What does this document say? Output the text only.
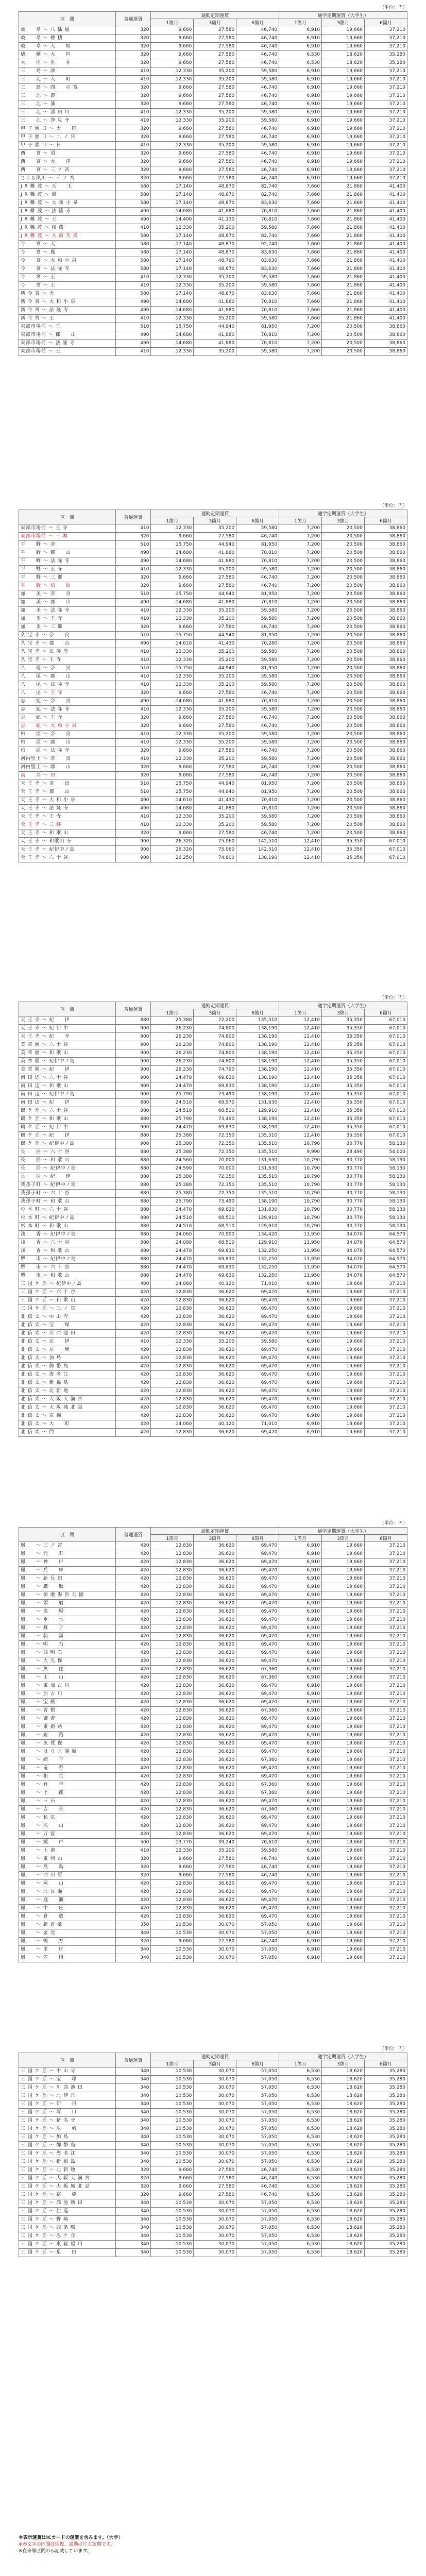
（単位：円）
区　間	普通運賃	通勤定期運賃			通学定期運賃（大学生）		
		1箇月	3箇月	6箇月	1箇月	3箇月	6箇月
岐　　阜 ～ 八 幡 通	320	9,660	27,580	46,740	6,910	19,660	37,210
岐　　阜 ～ 穂 積	320	9,660	27,580	46,740	6,910	19,660	37,210
岐　　阜 ～ 大　　垣	320	9,660	27,580	46,740	6,910	19,660	37,210
穂　　積 ～ 大　　垣	320	9,660	27,580	46,740	6,530	18,620	35,280
大　　垣 ～ 垂　　井	320	9,660	27,580	46,740	6,530	18,620	35,280
三　　島 ～ 津	410	12,330	35,200	59,580	6,910	19,660	37,210
三　　北 ～ 大　　町	410	12,330	35,200	59,580	6,910	19,660	37,210
三　　島 ～ 四　　の 宮	320	9,660	27,580	46,740	6,910	19,660	37,210
三　　北 ～ 濃	320	9,660	27,580	46,740	6,910	19,660	37,210
三　　北 ～ 蒲	320	9,660	27,580	46,740	6,910	19,660	37,210
三　　北 ～ 清 田 川	410	12,330	35,200	59,580	6,910	19,660	37,210
三　　北 ～ 浄 見 寺	410	12,330	35,200	59,580	6,910	19,660	37,210
甲 子 園 口 ～ 大　　町	320	9,660	27,580	46,740	6,910	19,660	37,210
甲 子 園 口 ～ 二 ノ 宮	320	9,660	27,580	46,740	6,910	19,660	37,210
甲 子 園 口 ～ 日	410	12,330	35,200	59,580	6,910	19,660	37,210
西　　宮 ～ 須	320	9,660	27,580	46,740	6,910	19,660	37,210
西　　宮 ～ 大　　津	320	9,660	27,580	46,740	6,910	19,660	37,210
西　　宮 ～ 三 ノ 宮	320	9,660	27,580	46,740	6,910	19,660	37,210
さくら夙川 ～ 三 ノ 宮	320	9,660	27,580	46,740	6,910	19,660	37,210
J R 難 波 ～ 天　　王	580	17,140	48,870	82,740	7,660	21,860	41,400
J R 難 波 ～ 鳳	580	17,140	48,870	82,740	7,660	21,860	41,400
J R 難 波 ～ 大 和 小 泉	580	17,140	48,870	83,630	7,660	21,860	41,400
J R 難 波 ～ 法 隆 寺	490	14,680	41,880	70,810	7,660	21,860	41,400
J R 難 波 ～ 王	490	14,400	41,130	70,810	7,660	21,860	41,400
J R 難 波 ～ 和 蔵	410	12,330	35,200	59,580	7,660	21,860	41,400
J R 難 波 ～ 大 阪 天 満	580	17,140	48,870	82,740	7,660	21,860	41,400
今　　宮 ～ 天	580	17,140	48,870	92,740	7,660	21,860	41,400
今　　宮 ～ 鳳	580	17,140	48,870	83,630	7,660	21,860	41,400
今　　宮 ～ 大 和 小 泉	580	17,140	48,790	83,630	7,660	21,860	41,400
今　　宮 ～ 法 隆 寺	580	17,140	48,870	83,630	7,660	21,860	41,400
今　　宮 ～ 王	410	12,330	35,200	59,580	7,660	21,860	41,400
今　　宮 ～ 王	410	12,330	35,200	59,580	7,660	21,860	41,400
新 今 宮 ～ 天	580	17,140	48,870	83,630	7,660	21,860	41,400
新 今 宮 ～ 大 和 小 泉	490	14,680	41,880	70,810	7,660	21,860	41,400
新 今 宮 ～ 法 隆 寺	490	14,680	41,880	70,810	7,660	21,860	41,400
新 今 宮 ～ 王	410	12,330	35,200	59,580	7,660	21,860	41,400
東部市場前 ～ 王	510	15,750	44,940	81,950	7,200	20,500	38,860
東部市場前 ～ 郡　　山	490	14,680	41,880	70,810	7,200	20,500	38,860
東部市場前 ～ 法 隆 寺	490	14,680	41,880	70,810	7,200	20,500	38,860
東部市場前 ～ 王	410	12,330	35,200	59,580	7,200	20,500	38,860
（単位：円）
区　間	普通運賃	通勤定期運賃			通学定期運賃（大学生）		
		1箇月	3箇月	6箇月	1箇月	3箇月	6箇月
東部市場前 ～ 王 寺	410	12,330	35,200	59,580	7,200	20,500	38,860
東部市場前 ～ 三 郷	320	9,660	27,580	46,740	7,200	20,500	38,860
平　　野 ～ 奈	510	15,750	44,940	81,950	7,200	20,500	38,860
平　　野 ～ 郡　　山	490	14,680	41,880	70,810	7,200	20,500	38,860
平　　野 ～ 法 隆 寺	490	14,680	41,880	70,810	7,200	20,500	38,860
平　　野 ～ 王 寺	410	12,330	35,200	59,580	7,200	20,500	38,860
平　　野 ～ 三 郷	320	9,660	27,580	46,740	7,200	20,500	38,860
平　　野 ～ 柏　　原	320	9,660	27,580	46,740	7,200	20,500	38,860
加　　美 ～ 奈　　良	510	15,750	44,940	81,950	7,200	20,500	38,860
加　　美 ～ 郡　　山	490	14,680	41,880	70,810	7,200	20,500	38,860
加　　美 ～ 法 隆 寺	410	12,330	35,200	59,580	7,200	20,500	38,860
加　　美 ～ 王 寺	410	12,330	35,200	59,580	7,200	20,500	38,860
加　　美 ～ 三 郷	320	9,660	27,580	46,740	7,200	20,500	38,860
久 宝 寺 ～ 奈　　良	510	15,750	44,940	81,950	7,200	20,500	38,860
久 宝 寺 ～ 郡　　山	490	14,610	41,430	70,280	7,200	20,500	38,860
久 宝 寺 ～ 法 隆 寺	410	12,330	35,200	59,580	7,200	20,500	38,860
久 宝 寺 ～ 王 寺	410	12,330	35,200	59,580	7,200	20,500	38,860
八　　尾 ～ 奈　　良	510	15,750	44,940	81,950	7,200	20,500	38,860
八　　尾 ～ 郡　　山	410	12,330	35,200	59,580	7,200	20,500	38,860
八　　尾 ～ 法 隆 寺	410	12,330	35,200	59,580	7,200	20,500	38,860
八　　尾 ～ 王 寺	320	9,660	27,580	46,740	7,200	20,500	38,860
志　　紀 ～ 奈　　良	490	14,680	41,880	70,810	7,200	20,500	38,860
志　　紀 ～ 法 隆 寺	410	12,330	35,200	59,580	7,200	20,500	38,860
志　　紀 ～ 王 寺	320	9,660	27,580	46,740	7,200	20,500	38,860
志　　紀 ～ 大 和 小 泉	320	9,660	27,580	46,740	7,200	20,500	38,860
柏　　原 ～ 奈　　良	410	12,330	35,200	59,580	7,200	20,500	38,860
柏　　原 ～ 郡　　山	410	12,330	35,200	59,580	7,200	20,500	38,860
柏　　原 ～ 法 隆 寺	320	9,660	27,580	46,740	7,200	20,500	38,860
河内堅上 ～ 奈　　良	410	12,330	35,200	59,580	7,200	20,500	38,860
河内堅上 ～ 郡　　山	320	9,660	27,580	46,740	7,200	20,500	38,860
高　　井 ～ 田	320	9,660	27,580	46,740	7,200	20,500	38,860
天 王 寺 ～ 奈　　良	510	15,750	44,940	81,950	7,200	20,500	38,860
天 王 寺 ～ 郡　　山	510	15,750	44,940	81,950	7,200	20,500	38,860
天 王 寺 ～ 大 和 小 泉	490	14,610	41,430	70,810	7,200	20,500	38,860
天 王 寺 ～ 法 隆 寺	490	14,680	41,880	70,810	7,200	20,500	38,860
天 王 寺 ～ 王 寺	410	12,330	35,200	59,580	7,200	20,500	38,860
天 王 寺 ～ 三 郷	410	12,330	35,200	59,580	7,200	20,500	38,860
天 王 寺 ～ 和 歌 山	320	9,660	27,580	46,740	7,200	20,500	38,860
天 王 寺 ～ 和歌山 寺	900	26,320	75,060	142,510	12,410	35,350	67,010
天 王 寺 ～ 紀伊中ノ島	900	26,320	75,060	142,510	12,410	35,350	67,010
天 王 寺 ～ 六 十 谷	900	26,250	74,800	138,190	12,410	35,350	67,010
（単位：円）
区　間	普通運賃	通勤定期運賃			通学定期運賃（大学生）		
		1箇月	3箇月	6箇月	1箇月	3箇月	6箇月
天 王 寺 ～ 紀　　伊	880	25,380	72,200	135,510	12,410	35,350	67,010
天 王 寺 ～ 紀 伊 中	900	26,230	74,800	138,190	12,410	35,350	67,010
天 王 寺 ～ 紀　　寺	900	26,230	74,800	138,190	12,410	35,350	67,010
美 章 園 ～ 六 十 谷	900	26,230	74,800	138,190	12,410	35,350	67,010
美 章 園 ～ 和 歌 山	900	26,230	74,800	138,190	12,410	35,350	67,010
美 章 園 ～ 紀伊中ノ島	900	26,230	74,800	138,190	12,410	35,350	67,010
美 章 園 ～ 紀　　伊	900	26,230	74,790	138,190	12,410	35,350	67,010
南 田 辺 ～ 六 十 谷	900	24,470	69,830	138,190	12,410	35,350	67,010
南 田 辺 ～ 和 歌 山	900	24,470	69,830	138,190	12,410	35,350	67,010
南 田 辺 ～ 紀伊中ノ島	900	25,790	73,490	138,190	12,410	35,350	67,010
南 田 辺 ～ 紀　　伊	880	24,510	69,970	131,630	12,410	35,350	67,010
鶴 ケ 丘 ～ 六 十 谷	880	24,510	68,510	129,910	12,410	35,350	67,010
鶴 ケ 丘 ～ 和 歌 山	880	25,790	73,490	138,190	12,410	35,350	67,010
鶴 ケ 丘 ～ 紀 伊 中	900	24,470	69,830	138,190	12,410	35,350	67,010
鶴 ケ 丘 ～ 紀　　伊	880	25,380	72,350	135,510	12,410	35,350	67,010
鶴 ケ 丘 ～ 紀伊中ノ島	900	25,380	72,350	135,510	10,790	30,770	58,130
長　　居 ～ 六 十 谷	880	25,380	72,350	135,510	9,990	28,490	54,000
長　　居 ～ 和 歌 山	880	24,560	70,000	131,630	10,790	30,770	58,130
長　　居 ～ 紀伊中ノ島	880	24,590	70,000	131,630	10,790	30,770	58,130
長　　居 ～ 紀　　伊	880	25,380	72,350	135,510	10,790	30,770	58,130
我孫子町 ～ 紀伊中ノ島	880	25,380	72,350	135,510	10,790	30,770	58,130
我孫子町 ～ 六 十 谷	880	25,380	72,350	135,510	10,790	30,770	58,130
我孫子町 ～ 和 歌 山	880	25,790	73,490	138,190	10,790	30,770	58,130
杉 本 町 ～ 六 十 谷	880	24,470	69,830	131,630	10,790	30,770	58,130
杉 本 町 ～ 紀伊中ノ島	880	24,510	68,510	129,910	10,790	30,770	58,130
杉 本 町 ～ 和 歌 山	880	24,510	68,510	129,910	10,790	30,770	58,130
浅　　香 ～ 紀伊中ノ島	880	24,060	70,900	134,420	11,950	34,070	64,570
浅　　香 ～ 六 十 谷	880	24,080	68,510	129,910	11,950	34,070	64,570
浅　　香 ～ 和 歌 山	880	24,470	69,830	132,250	11,950	34,070	64,570
堺　　市 ～ 紀伊中ノ島	880	24,470	69,830	132,250	11,950	34,070	64,570
堺　　市 ～ 六 十 谷	880	24,470	69,830	132,250	11,950	34,070	64,570
堺　　市 ～ 和 歌 山	880	24,470	69,830	132,250	11,950	34,070	64,570
三 国 ケ 丘 ～ 紀伊中ノ島	400	14,060	40,120	71,010	6,910	19,660	37,210
三 国 ケ 丘 ～ 六 十 谷	420	12,830	36,620	69,470	6,910	19,660	37,210
三 国 ケ 丘 ～ 和 歌 山	420	12,830	36,620	69,470	6,910	19,660	37,210
三 国 ケ 丘 ～ 三 ノ 宮	420	12,830	36,620	69,470	6,910	19,660	37,210
北 信 太 ～ 中 山 寺	420	12,830	36,620	69,470	6,910	19,660	37,210
北 信 太 ～ 宝　　塚	420	12,830	36,620	69,470	6,910	19,660	37,210
北 信 太 ～ 川 西 池 田	420	12,830	36,620	69,470	6,910	19,660	37,210
北 信 太 ～ 北　　伊	410	12,330	35,200	59,580	6,910	19,660	37,210
北 信 太 ～ 尼　　崎	420	12,830	36,620	69,470	6,910	19,660	37,210
北 信 太 ～ 加 島	420	12,830	36,620	69,470	6,910	19,660	37,210
北 信 太 ～ 御 幣 島	420	12,830	36,620	69,470	6,910	19,660	37,210
北 信 太 ～ 海 老 江	420	12,830	36,620	69,470	6,910	19,660	37,210
北 信 太 ～ 新 福 島	420	12,830	36,620	69,470	6,910	19,660	37,210
北 信 太 ～ 北 新 地	420	12,830	36,620	69,470	6,910	19,660	37,210
北 信 太 ～ 大 阪 天 満 宮	420	12,830	36,620	69,470	6,910	19,660	37,210
北 信 太 ～ 大 阪 城 北 詰	420	12,830	36,620	69,470	6,910	19,660	37,210
北 信 太 ～ 京 橋	420	12,830	36,620	69,470	6,910	19,660	37,210
北 信 太 ～ 大　　町	420	14,060	40,120	71,010	6,910	19,660	37,210
北 信 太 ～ 門	420	12,830	36,620	69,470	6,910	19,660	37,210
（単位：円）
区　間	普通運賃	通勤定期運賃			通学定期運賃（大学生）		
		1箇月	3箇月	6箇月	1箇月	3箇月	6箇月
鳳　　～ 三 ノ 宮	420	12,830	36,620	69,470	6,910	19,660	37,210
鳳　　～ 元　　町	420	12,830	36,620	69,470	6,910	19,660	37,210
鳳　　～ 神　　戸	420	12,830	36,620	69,470	6,910	19,660	37,210
鳳　　～ 兵　　庫	420	12,830	36,620	69,470	6,910	19,660	37,210
鳳　　～ 新 長 田	420	12,830	36,620	69,470	6,910	19,660	37,210
鳳　　～ 鷹　　取	420	12,830	36,620	69,470	6,910	19,660	37,210
鳳　　～ 須 磨 海 浜 公 園	420	12,830	36,620	69,470	6,910	19,660	37,210
鳳　　～ 須　　磨	420	12,830	36,620	69,470	6,910	19,660	37,210
鳳　　～ 塩　　屋	420	12,830	36,620	69,470	6,910	19,660	37,210
鳳　　～ 垂　　水	420	12,830	36,620	69,470	6,910	19,660	37,210
鳳　　～ 舞　　子	420	12,830	36,620	69,470	6,910	19,660	37,210
鳳　　～ 朝　　霧	420	12,830	36,620	69,470	6,910	19,660	37,210
鳳　　～ 明　　石	420	12,830	36,620	69,470	6,910	19,660	37,210
鳳　　～ 西 明 石	420	12,830	36,620	69,470	6,910	19,660	37,210
鳳　　～ 大 久 保	420	12,830	36,620	69,470	6,910	19,660	37,210
鳳　　～ 魚　　住	420	12,830	36,620	67,360	6,910	19,660	37,210
鳳　　～ 土　　山	420	12,830	36,620	67,360	6,910	19,660	37,210
鳳　　～ 東 加 古 川	420	12,830	36,620	69,470	6,910	19,660	37,210
鳳　　～ 加 古 川	420	12,830	36,620	69,470	6,910	19,660	37,210
鳳　　～ 宝 殿	420	12,830	36,620	69,470	6,910	19,660	37,210
鳳　　～ 曽 根	420	12,830	36,620	67,360	6,910	19,660	37,210
鳳　　～ 御 着	420	12,830	36,620	69,470	6,910	19,660	37,210
鳳　　～ 東 姫 路	420	12,830	36,620	69,470	6,910	19,660	37,210
鳳　　～ 姫　　路	420	12,830	36,620	69,470	6,910	19,660	37,210
鳳　　～ 英 賀 保	420	12,830	36,620	69,470	6,910	19,660	37,210
鳳　　～ は り ま 勝 原	420	12,830	36,620	69,470	6,910	19,660	37,210
鳳　　～ 網　　干	420	12,830	36,620	67,360	6,910	19,660	37,210
鳳　　～ 竜　　野	420	12,830	36,620	69,470	6,910	19,660	37,210
鳳　　～ 相　　生	420	12,830	36,620	69,470	6,910	19,660	37,210
鳳　　～ 有　　年	420	12,830	36,620	67,360	6,910	19,660	37,210
鳳　　～ 上　　郡	420	12,830	36,620	67,360	6,910	19,660	37,210
鳳　　～ 三 石	420	12,830	36,620	69,470	6,910	19,660	37,210
鳳　　～ 吉　　永	420	12,830	36,620	67,360	6,910	19,660	37,210
鳳　　～ 和 気	420	12,830	36,620	69,470	6,910	19,660	37,210
鳳　　～ 熊　　山	420	12,830	36,620	69,470	6,910	19,660	37,210
鳳　　～ 万 富	420	12,830	36,620	69,470	6,910	19,660	37,210
鳳　　～ 瀬　　戸	500	13,770	39,240	70,610	6,910	19,660	37,210
鳳　　～ 上 道	410	12,330	35,200	59,580	6,910	19,660	37,210
鳳　　～ 東 岡 山	320	9,660	27,580	46,740	6,910	19,660	37,210
鳳　　～ 高　　島	320	9,660	27,580	46,740	6,910	19,660	37,210
鳳　　～ 西 川 原	320	9,660	27,580	46,740	6,910	19,660	37,210
鳳　　～ 岡　　山	420	12,830	36,620	69,470	6,910	19,660	37,210
鳳　　～ 北 長 瀬	420	12,830	36,620	69,470	6,910	19,660	37,210
鳳　　～ 庭　　瀬	420	12,830	36,620	69,470	6,910	19,660	37,210
鳳　　～ 中　　庄	420	12,830	36,620	69,470	6,910	19,660	37,210
鳳　　～ 倉　　敷	420	12,830	36,620	69,470	6,910	19,660	37,210
鳳　　～ 新 倉 敷	350	10,530	30,070	57,050	6,910	19,660	37,210
鳳　　～ 金 光	340	10,530	30,070	57,050	6,910	19,660	37,210
鳳　　～ 鴨　　方	320	9,660	27,580	46,740	6,910	19,660	37,210
鳳　　～ 里　　庄	340	10,530	30,070	57,050	6,910	19,660	37,210
鳳　　～ 笠　　岡	340	10,530	30,070	57,050	6,910	19,660	37,210
（単位：円）
区　間	普通運賃	通勤定期運賃			通学定期運賃（大学生）		
		1箇月	3箇月	6箇月	1箇月	3箇月	6箇月
三 国 ケ 丘 ～ 中 山 寺	340	10,530	30,070	57,050	6,530	18,620	35,280
三 国 ケ 丘 ～ 宝　　塚	340	10,530	30,070	57,050	6,530	18,620	35,280
三 国 ケ 丘 ～ 川 西 池 田	340	10,530	30,070	57,050	6,530	18,620	35,280
三 国 ケ 丘 ～ 北 伊 丹	340	10,530	30,070	57,050	6,530	18,620	35,280
三 国 ケ 丘 ～ 伊　　丹	340	10,530	30,070	57,050	6,530	18,620	35,280
三 国 ケ 丘 ～ 塚　　口	340	10,530	30,070	57,050	6,530	18,620	35,280
三 国 ケ 丘 ～ 猪 名 寺	340	10,530	30,070	57,050	6,530	18,620	35,280
三 国 ケ 丘 ～ 尼　　崎	340	10,530	30,070	57,050	6,530	18,620	35,280
三 国 ケ 丘 ～ 加 島	340	10,530	30,070	57,050	6,530	18,620	35,280
三 国 ケ 丘 ～ 御 幣 島	340	10,530	30,070	57,050	6,530	18,620	35,280
三 国 ケ 丘 ～ 海 老 江	340	10,530	30,070	57,050	6,530	18,620	35,280
三 国 ケ 丘 ～ 新 福 島	340	10,530	30,070	57,050	6,530	18,620	35,280
三 国 ケ 丘 ～ 北 新 地	320	9,660	27,580	46,740	6,530	18,620	35,280
三 国 ケ 丘 ～ 大 阪 天 満 宮	320	9,660	27,580	46,740	6,530	18,620	35,280
三 国 ケ 丘 ～ 大 阪 城 北 詰	320	9,660	27,580	46,740	6,530	18,620	35,280
三 国 ケ 丘 ～ 京　　橋	320	9,660	27,580	46,740	6,530	18,620	35,280
三 国 ケ 丘 ～ 鴻 池 新 田	340	10,530	30,070	57,050	6,530	18,620	35,280
三 国 ケ 丘 ～ 住 道	340	10,530	30,070	57,050	6,530	18,620	35,280
三 国 ケ 丘 ～ 野 崎	340	10,530	30,070	57,050	6,530	18,620	35,280
三 国 ケ 丘 ～ 四 条 畷	340	10,530	30,070	57,050	6,530	18,620	35,280
三 国 ケ 丘 ～ 忍 ケ 丘	340	10,530	30,070	57,050	6,530	18,620	35,280
三 国 ケ 丘 ～ 東 寝 屋 川	340	10,530	30,070	57,050	6,530	18,620	35,280
三 国 ケ 丘 ～ 星　　田	340	10,530	30,070	57,050	6,530	18,620	35,280
※表示運賃はICカードの運賃を含みます。（大学）
※赤文字の区間は往復、通勤は片方定期です。
※在来線区間のみ記載しています。
